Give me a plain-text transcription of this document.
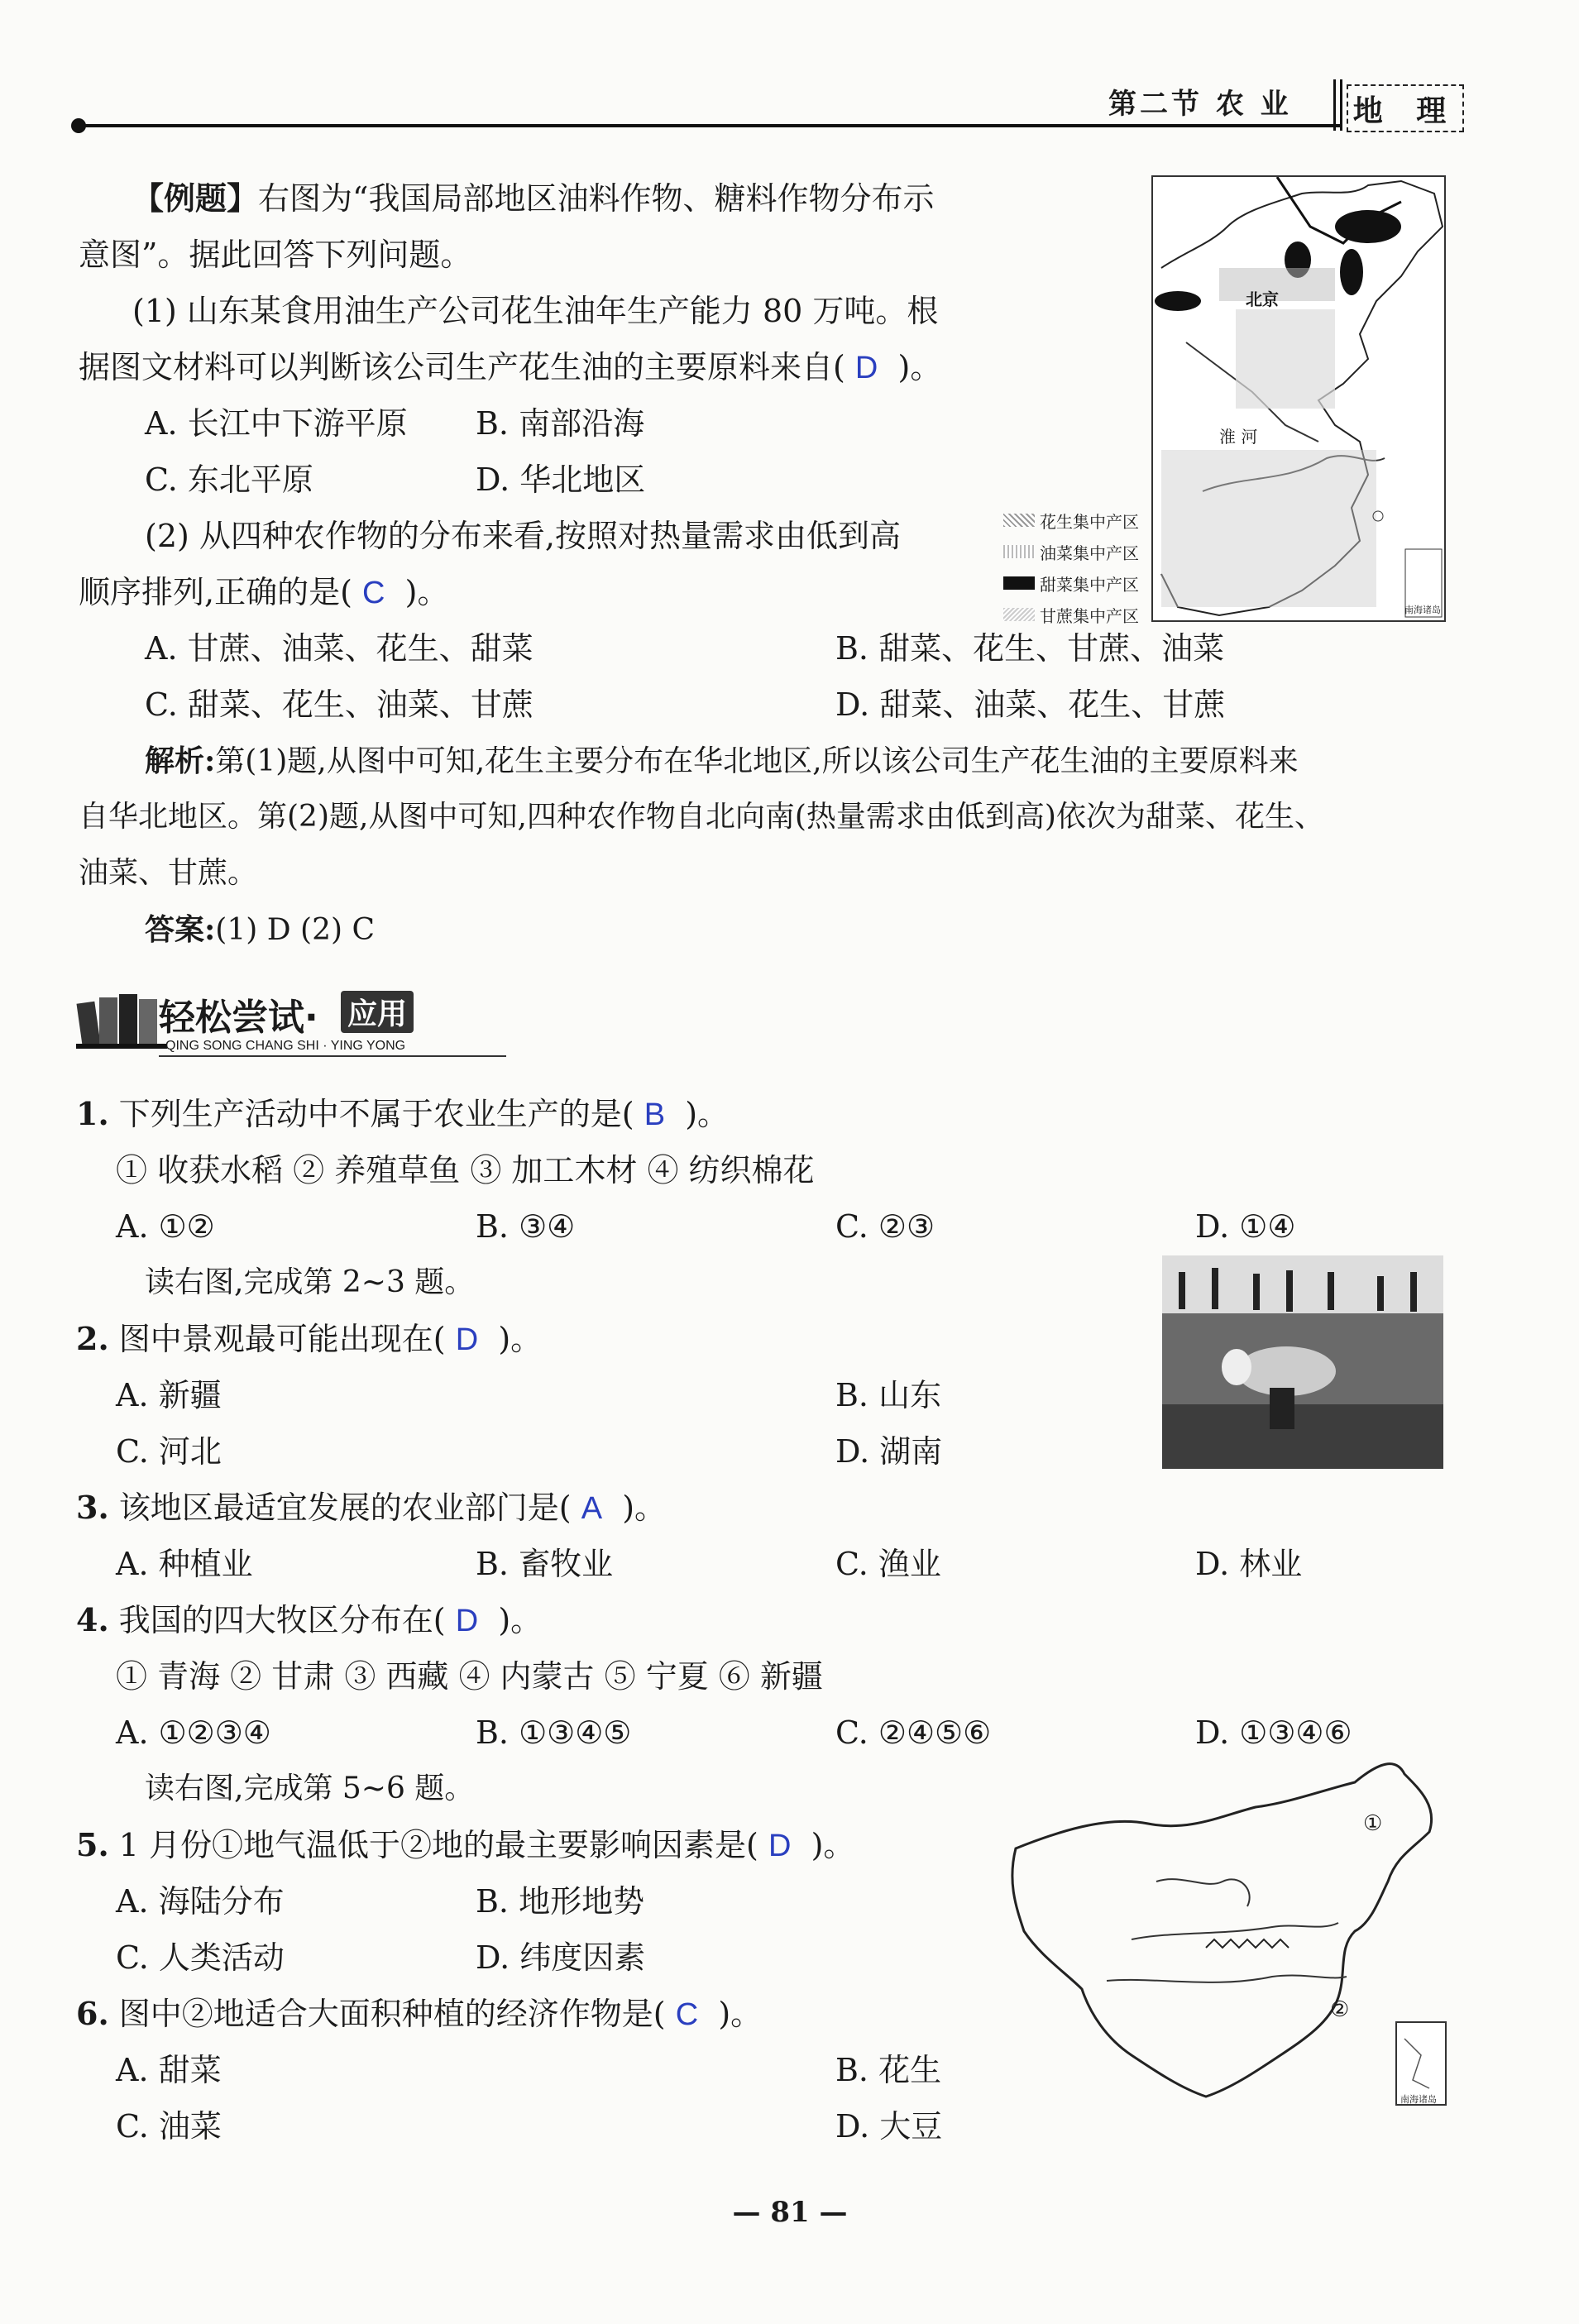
第二节 农 业 地 理
【例题】右图为“我国局部地区油料作物、糖料作物分布示
意图”。据此回答下列问题。
(1) 山东某食用油生产公司花生油年生产能力 80 万吨。根
据图文材料可以判断该公司生产花生油的主要原料来自( D )。
A. 长江中下游平原 B. 南部沿海
C. 东北平原	D. 华北地区
(2) 从四种农作物的分布来看,按照对热量需求由低到高
顺序排列,正确的是( C )。
A. 甘蔗、油菜、花生、甜菜	B. 甜菜、花生、甘蔗、油菜
C. 甜菜、花生、油菜、甘蔗	D. 甜菜、油菜、花生、甘蔗
北京
淮 河
南海诸岛
花生集中产区
油菜集中产区
甜菜集中产区
甘蔗集中产区
解析:第(1)题,从图中可知,花生主要分布在华北地区,所以该公司生产花生油的主要原料来
自华北地区。第(2)题,从图中可知,四种农作物自北向南(热量需求由低到高)依次为甜菜、花生、
油菜、甘蔗。
答案:(1) D (2) C
轻松尝试· 应用
QING SONG CHANG SHI · YING YONG
1. 下列生产活动中不属于农业生产的是( B )。
① 收获水稻 ② 养殖草鱼 ③ 加工木材 ④ 纺织棉花
A. ①②	B. ③④	C. ②③	D. ①④
读右图,完成第 2~3 题。
2. 图中景观最可能出现在( D )。
A. 新疆	B. 山东
C. 河北	D. 湖南
3. 该地区最适宜发展的农业部门是( A )。
A. 种植业	B. 畜牧业	C. 渔业	D. 林业
4. 我国的四大牧区分布在( D )。
① 青海 ② 甘肃 ③ 西藏 ④ 内蒙古 ⑤ 宁夏 ⑥ 新疆
A. ①②③④	B. ①③④⑤	C. ②④⑤⑥	D. ①③④⑥
读右图,完成第 5~6 题。
①
②
南海诸岛
5. 1 月份①地气温低于②地的最主要影响因素是( D )。
A. 海陆分布	B. 地形地势
C. 人类活动	D. 纬度因素
6. 图中②地适合大面积种植的经济作物是( C )。
A. 甜菜	B. 花生
C. 油菜	D. 大豆
— 81 —
